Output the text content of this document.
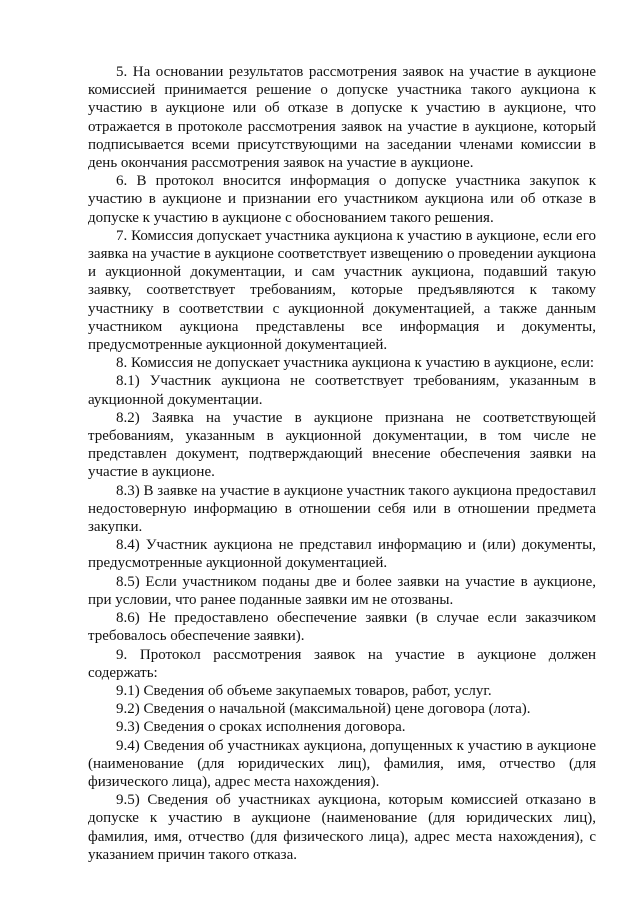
5. На основании результатов рассмотрения заявок на участие в аукционе комиссией принимается решение о допуске участника такого аукциона к участию в аукционе или об отказе в допуске к участию в аукционе, что отражается в протоколе рассмотрения заявок на участие в аукционе, который подписывается всеми присутствующими на заседании членами комиссии в день окончания рассмотрения заявок на участие в аукционе.

6. В протокол вносится информация о допуске участника закупок к участию в аукционе и признании его участником аукциона или об отказе в допуске к участию в аукционе с обоснованием такого решения.

7. Комиссия допускает участника аукциона к участию в аукционе, если его заявка на участие в аукционе соответствует извещению о проведении аукциона и аукционной документации, и сам участник аукциона, подавший такую заявку, соответствует требованиям, которые предъявляются к такому участнику в соответствии с аукционной документацией, а также данным участником аукциона представлены все информация и документы, предусмотренные аукционной документацией.

8. Комиссия не допускает участника аукциона к участию в аукционе, если:

8.1) Участник аукциона не соответствует требованиям, указанным в аукционной документации.

8.2) Заявка на участие в аукционе признана не соответствующей требованиям, указанным в аукционной документации, в том числе не представлен документ, подтверждающий внесение обеспечения заявки на участие в аукционе.

8.3) В заявке на участие в аукционе участник такого аукциона предоставил недостоверную информацию в отношении себя или в отношении предмета закупки.

8.4) Участник аукциона не представил информацию и (или) документы, предусмотренные аукционной документацией.

8.5) Если участником поданы две и более заявки на участие в аукционе, при условии, что ранее поданные заявки им не отозваны.

8.6) Не предоставлено обеспечение заявки (в случае если заказчиком требовалось обеспечение заявки).

9. Протокол рассмотрения заявок на участие в аукционе должен содержать:

9.1) Сведения об объеме закупаемых товаров, работ, услуг.

9.2) Сведения о начальной (максимальной) цене договора (лота).

9.3) Сведения о сроках исполнения договора.

9.4) Сведения об участниках аукциона, допущенных к участию в аукционе (наименование (для юридических лиц), фамилия, имя, отчество (для физического лица), адрес места нахождения).

9.5) Сведения об участниках аукциона, которым комиссией отказано в допуске к участию в аукционе (наименование (для юридических лиц), фамилия, имя, отчество (для физического лица), адрес места нахождения), с указанием причин такого отказа.
